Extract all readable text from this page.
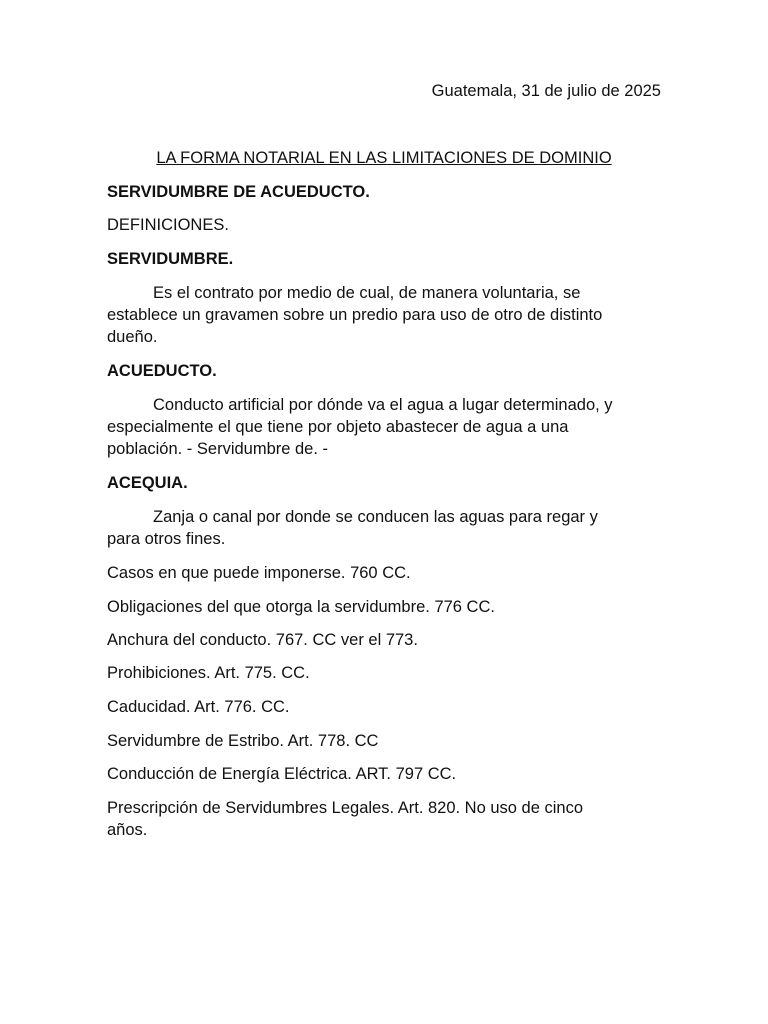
Guatemala, 31 de julio de 2025
LA FORMA NOTARIAL EN LAS LIMITACIONES DE DOMINIO
SERVIDUMBRE DE ACUEDUCTO.
DEFINICIONES.
SERVIDUMBRE.
Es el contrato por medio de cual, de manera voluntaria, se
establece un gravamen sobre un predio para uso de otro de distinto
dueño.
ACUEDUCTO.
Conducto artificial por dónde va el agua a lugar determinado, y
especialmente el que tiene por objeto abastecer de agua a una
población. - Servidumbre de. -
ACEQUIA.
Zanja o canal por donde se conducen las aguas para regar y
para otros fines.
Casos en que puede imponerse. 760 CC.
Obligaciones del que otorga la servidumbre. 776 CC.
Anchura del conducto. 767. CC ver el 773.
Prohibiciones. Art. 775. CC.
Caducidad. Art. 776. CC.
Servidumbre de Estribo. Art. 778. CC
Conducción de Energía Eléctrica. ART. 797 CC.
Prescripción de Servidumbres Legales. Art. 820. No uso de cinco
años.
